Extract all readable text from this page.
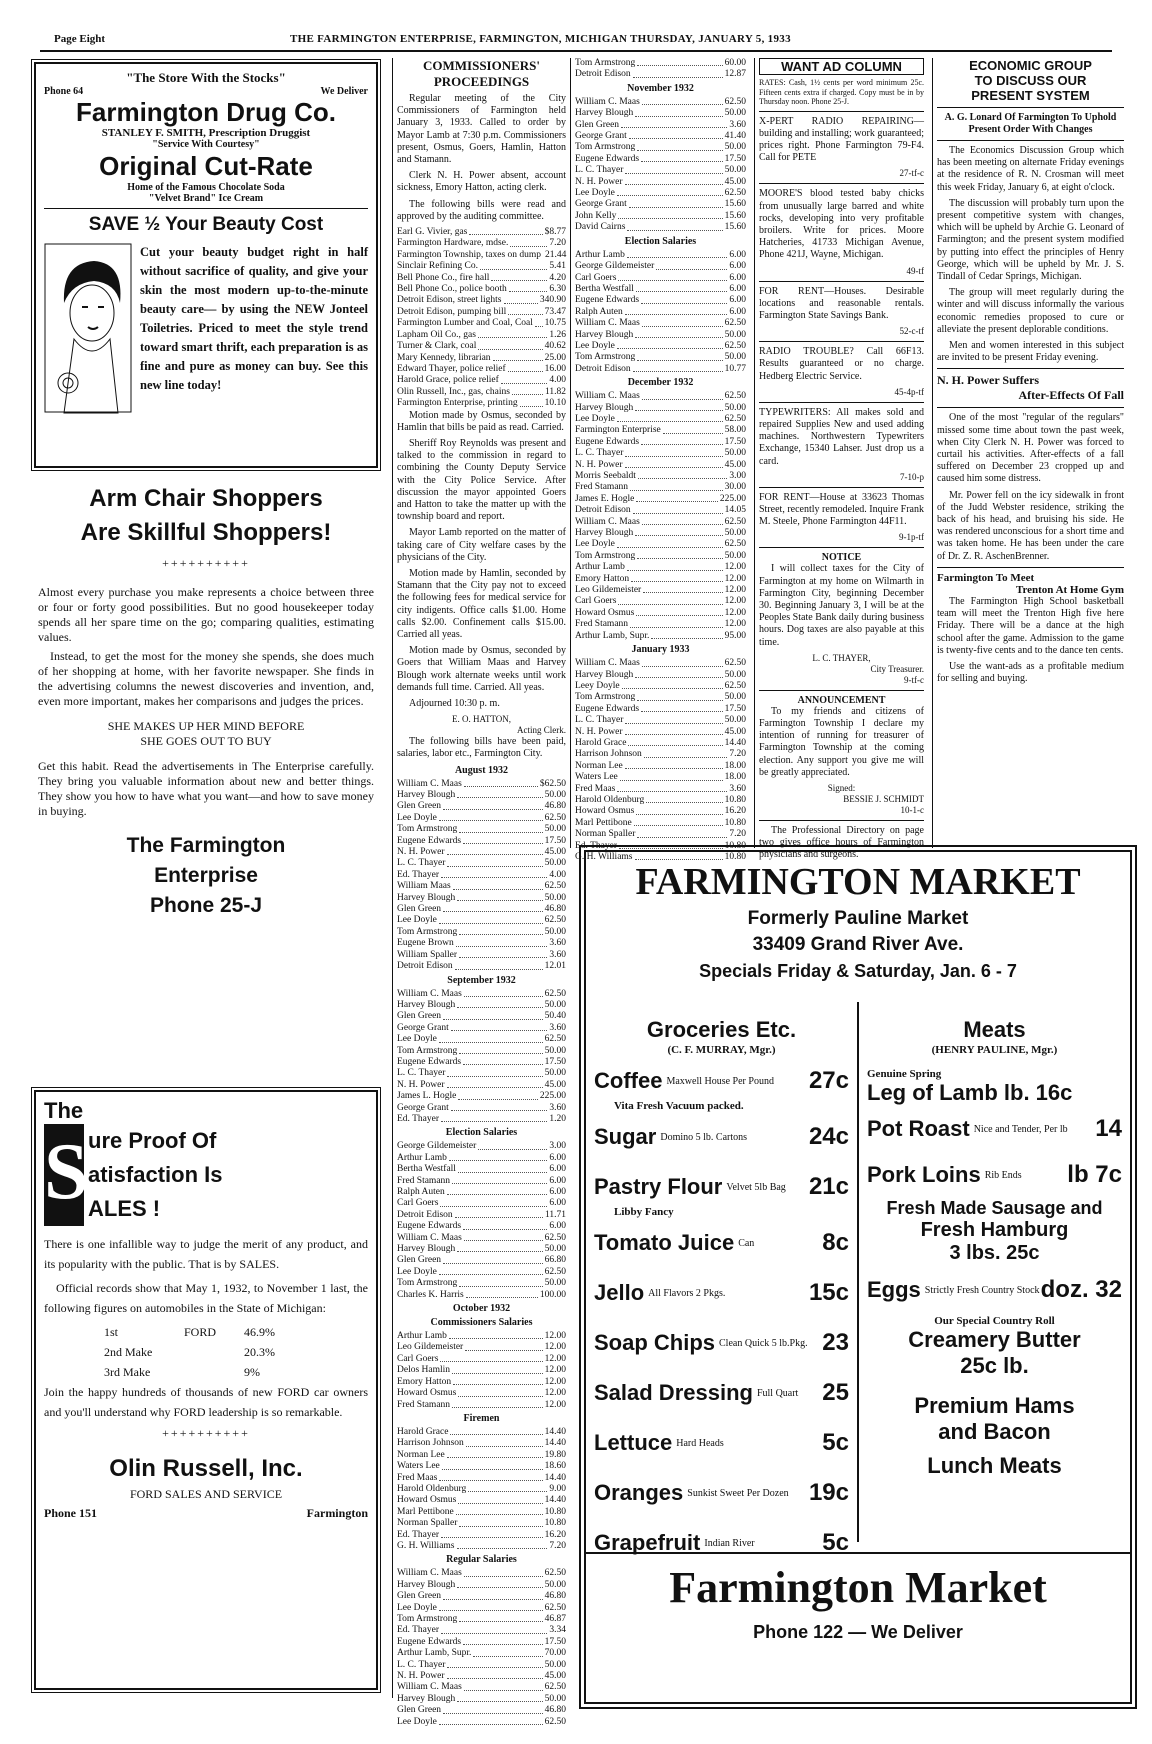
Page Eight	THE FARMINGTON ENTERPRISE, FARMINGTON, MICHIGAN THURSDAY, JANUARY 5, 1933
"The Store With the Stocks"
Phone 64	We Deliver
Farmington Drug Co.
STANLEY F. SMITH, Prescription Druggist
"Service With Courtesy"
Original Cut-Rate
Home of the Famous Chocolate Soda
"Velvet Brand" Ice Cream
SAVE ½ Your Beauty Cost
Cut your beauty budget right in half without sacrifice of quality, and give your skin the most modern up-to-the-minute beauty care— by using the NEW Jonteel Toiletries. Priced to meet the style trend toward smart thrift, each preparation is as fine and pure as money can buy. See this new line today!
Arm Chair Shoppers
Are Skillful Shoppers!
++++++++++

Almost every purchase you make represents a choice between three or four or forty good possibilities. But no good housekeeper today spends all her spare time on the go; comparing qualities, estimating values.

Instead, to get the most for the money she spends, she does much of her shopping at home, with her favorite newspaper. She finds in the advertising columns the newest discoveries and invention, and, even more important, makes her comparisons and judges the prices.

SHE MAKES UP HER MIND BEFORE
SHE GOES OUT TO BUY

Get this habit. Read the advertisements in The Enterprise carefully. They bring you valuable information about new and better things. They show you how to have what you want—and how to save money in buying.

The Farmington
Enterprise
Phone 25-J
The
S ure Proof Of
atisfaction Is
ALES !

There is one infallible way to judge the merit of any product, and its popularity with the public. That is by SALES.

Official records show that May 1, 1932, to November 1 last, the following figures on automobiles in the State of Michigan:

1st	FORD 46.9%
2nd Make	20.3%
3rd Make	9%

Join the happy hundreds of thousands of new FORD car owners and you'll understand why FORD leadership is so remarkable.

++++++++++
Olin Russell, Inc.
FORD SALES AND SERVICE
Phone 151	Farmington
COMMISSIONERS'
PROCEEDINGS

Regular meeting of the City Commissioners of Farmington held January 3, 1933. Called to order by Mayor Lamb at 7:30 p.m. Commissioners present, Osmus, Goers, Hamlin, Hatton and Stamann.

Clerk N. H. Power absent, account sickness, Emory Hatton, acting clerk.

The following bills were read and approved by the auditing committee.

Earl G. Vivier, gas	$8.77
Farmington Hardware, mdse.	7.20
Farmington Township, taxes on dump 21.44
Sinclair Refining Co.	5.41
Bell Phone Co., fire hall	4.20
Bell Phone Co., police booth	6.30
Detroit Edison, street lights	340.90
Detroit Edison, pumping bill	73.47
Farmington Lumber and Coal, Coal 10.75
Lapham Oil Co., gas	1.26
Turner & Clark, coal	40.62
Mary Kennedy, librarian	25.00
Edward Thayer, police relief	16.00
Harold Grace, police relief	4.00
Olin Russell, Inc., gas, chains	11.82
Farmington Enterprise, printing	10.10

Motion made by Osmus, seconded by Hamlin that bills be paid as read. Carried.

Sheriff Roy Reynolds was present and talked to the commission in regard to combining the County Deputy Service with the City Police Service. After discussion the mayor appointed Goers and Hatton to take the matter up with the township board and report.

Mayor Lamb reported on the matter of taking care of City welfare cases by the physicians of the City.

Motion made by Hamlin, seconded by Stamann that the City pay not to exceed the following fees for medical service for city indigents. Office calls $1.00. Home calls $2.00. Confinement calls $15.00. Carried all yeas.

Motion made by Osmus, seconded by Goers that William Maas and Harvey Blough work alternate weeks until work demands full time. Carried. All yeas.

Adjourned 10:30 p. m.

E. O. HATTON,
Acting Clerk.

The following bills have been paid, salaries, labor etc., Farmington City.

August 1932
William C. Maas	$62.50
Harvey Blough	50.00
Glen Green	46.80
Lee Doyle	62.50
Tom Armstrong	50.00
Eugene Edwards	17.50
N. H. Power	45.00
L. C. Thayer	50.00
Ed. Thayer	4.00
William Maas	62.50
Harvey Blough	50.00
Glen Green	46.80
Lee Doyle	62.50
Tom Armstrong	50.00
Eugene Brown	3.60
William Spaller	3.60
Detroit Edison	12.01
September 1932
William C. Maas	62.50
Harvey Blough	50.00
Glen Green	50.40
George Grant	3.60
Lee Doyle	62.50
Tom Armstrong	50.00
Eugene Edwards	17.50
L. C. Thayer	50.00
N. H. Power	45.00
James L. Hogle	225.00
George Grant	3.60
Ed. Thayer	1.20
Election Salaries
George Gildemeister	3.00
Arthur Lamb	6.00
Bertha Westfall	6.00
Fred Stamann	6.00
Ralph Auten	6.00
Carl Goers	6.00
Detroit Edison	11.71
Eugene Edwards	6.00
William C. Maas	62.50
Harvey Blough	50.00
Glen Green	66.80
Lee Doyle	62.50
Tom Armstrong	50.00
Charles K. Harris	100.00
October 1932
Commissioners Salaries
Arthur Lamb	12.00
Leo Gildemeister	12.00
Carl Goers	12.00
Delos Hamlin	12.00
Emory Hatton	12.00
Howard Osmus	12.00
Fred Stamann	12.00
Firemen
Harold Grace	14.40
Harrison Johnson	14.40
Norman Lee	19.80
Waters Lee	18.60
Fred Maas	14.40
Harold Oldenburg	9.00
Howard Osmus	14.40
Marl Pettibone	10.80
Norman Spaller	10.80
Ed. Thayer	16.20
G. H. Williams	7.20
Regular Salaries
William C. Maas	62.50
Harvey Blough	50.00
Glen Green	46.80
Lee Doyle	62.50
Tom Armstrong	46.87
Ed. Thayer	3.34
Eugene Edwards	17.50
Arthur Lamb, Supr.	70.00
L. C. Thayer	50.00
N. H. Power	45.00
William C. Maas	62.50
Harvey Blough	50.00
Glen Green	46.80
Lee Doyle	62.50
Tom Armstrong	60.00
Detroit Edison	12.87
November 1932
William C. Maas	62.50
Harvey Blough	50.00
Glen Green	3.60
George Grant	41.40
Tom Armstrong	50.00
Eugene Edwards	17.50
L. C. Thayer	50.00
N. H. Power	45.00
Lee Doyle	62.50
George Grant	15.60
John Kelly	15.60
David Cairns	15.60
Election Salaries
Arthur Lamb	6.00
George Gildemeister	6.00
Carl Goers	6.00
Bertha Westfall	6.00
Eugene Edwards	6.00
Ralph Auten	6.00
William C. Maas	62.50
Harvey Blough	50.00
Lee Doyle	62.50
Tom Armstrong	50.00
Detroit Edison	10.77
December 1932
William C. Maas	62.50
Harvey Blough	50.00
Lee Doyle	62.50
Farmington Enterprise	58.00
Eugene Edwards	17.50
L. C. Thayer	50.00
N. H. Power	45.00
Morris Seebaldt	3.00
Fred Stamann	30.00
James E. Hogle	225.00
Detroit Edison	14.05
William C. Maas	62.50
Harvey Blough	50.00
Lee Doyle	62.50
Tom Armstrong	50.00
Arthur Lamb	12.00
Emory Hatton	12.00
Leo Gildemeister	12.00
Carl Goers	12.00
Howard Osmus	12.00
Fred Stamann	12.00
Arthur Lamb, Supr.	95.00
January 1933
William C. Maas	62.50
Harvey Blough	50.00
Leey Doyle	62.50
Tom Armstrong	50.00
Eugene Edwards	17.50
L. C. Thayer	50.00
N. H. Power	45.00
Harold Grace	14.40
Harrison Johnson	7.20
Norman Lee	18.00
Waters Lee	18.00
Fred Maas	3.60
Harold Oldenburg	10.80
Howard Osmus	16.20
Marl Pettibone	10.80
Norman Spaller	7.20
Ed. Thayer	10.80
G. H. Williams	10.80
WANT AD COLUMN

RATES: Cash, 1½ cents per word minimum 25c. Fifteen cents extra if charged. Copy must be in by Thursday noon. Phone 25-J.

X-PERT RADIO REPAIRING— building and installing; work guaranteed; prices right. Phone Farmington 79-F4. Call for PETE

27-tf-c

MOORE'S blood tested baby chicks from unusually large barred and white rocks, developing into very profitable broilers. Write for prices. Moore Hatcheries, 41733 Michigan Avenue, Phone 421J, Wayne, Michigan.

49-tf

FOR RENT—Houses. Desirable locations and reasonable rentals. Farmington State Savings Bank.

52-c-tf

RADIO TROUBLE? Call 66F13. Results guaranteed or no charge. Hedberg Electric Service.

45-4p-tf

TYPEWRITERS: All makes sold and repaired Supplies New and used adding machines. Northwestern Typewriters Exchange, 15340 Lahser. Just drop us a card.

7-10-p

FOR RENT—House at 33623 Thomas Street, recently remodeled. Inquire Frank M. Steele, Phone Farmington 44F11.

9-1p-tf
NOTICE

I will collect taxes for the City of Farmington at my home on Wilmarth in Farmington City, beginning December 30. Beginning January 3, I will be at the Peoples State Bank daily during business hours. Dog taxes are also payable at this time.

L. C. THAYER,
City Treasurer.
9-tf-c
ANNOUNCEMENT

To my friends and citizens of Farmington Township I declare my intention of running for treasurer of Farmington Township at the coming election. Any support you give me will be greatly appreciated.

Signed:
BESSIE J. SCHMIDT
10-1-c

The Professional Directory on page two gives office hours of Farmington physicians and surgeons.

ECONOMIC GROUP
TO DISCUSS OUR
PRESENT SYSTEM
A. G. Lonard Of Farmington To Uphold Present Order With Changes

The Economics Discussion Group which has been meeting on alternate Friday evenings at the residence of R. N. Crosman will meet this week Friday, January 6, at eight o'clock.

The discussion will probably turn upon the present competitive system with changes, which will be upheld by Archie G. Leonard of Farmington; and the present system modified by putting into effect the principles of Henry George, which will be upheld by Mr. J. S. Tindall of Cedar Springs, Michigan.

The group will meet regularly during the winter and will discuss informally the various economic remedies proposed to cure or alleviate the present deplorable conditions.

Men and women interested in this subject are invited to be present Friday evening.

N. H. Power Suffers
After-Effects Of Fall

One of the most "regular of the regulars" missed some time about town the past week, when City Clerk N. H. Power was forced to curtail his activities. After-effects of a fall suffered on December 23 cropped up and caused him some distress.

Mr. Power fell on the icy sidewalk in front of the Judd Webster residence, striking the back of his head, and bruising his side. He was rendered unconscious for a short time and was taken home. He has been under the care of Dr. Z. R. AschenBrenner.

Farmington To Meet
Trenton At Home Gym

The Farmington High School basketball team will meet the Trenton High five here Friday. There will be a dance at the high school after the game. Admission to the game is twenty-five cents and to the dance ten cents.

Use the want-ads as a profitable medium for selling and buying.

FARMINGTON MARKET
Formerly Pauline Market
33409 Grand River Ave.
Specials Friday & Saturday, Jan. 6 - 7
Groceries Etc.
(C. F. MURRAY, Mgr.)
Coffee Maxwell House Per Pound	27c
Vita Fresh Vacuum packed.
Sugar Domino 5 lb. Cartons	24c
Pastry Flour Velvet 5lb Bag 21c
Libby Fancy
Tomato Juice Can	8c
Jello All Flavors 2 Pkgs.	15c
Soap Chips Clean Quick 5 lb.Pkg. 23
Salad Dressing Full Quart 25
Lettuce Hard Heads	5c
Oranges Sunkist Sweet Per Dozen 19c
Grapefruit Indian River	5c
Meats
(HENRY PAULINE, Mgr.)
Genuine Spring
Leg of Lamb lb. 16c
Pot Roast Nice and Tender, Per lb	14
Pork Loins Rib Ends	lb 7c
Fresh Made Sausage and
Fresh Hamburg
3 lbs. 25c
Eggs Strictly Fresh Country Stock doz. 32
Our Special Country Roll
Creamery Butter
25c lb.
Premium Hams
and Bacon
Lunch Meats
Farmington Market
Phone 122 — We Deliver
